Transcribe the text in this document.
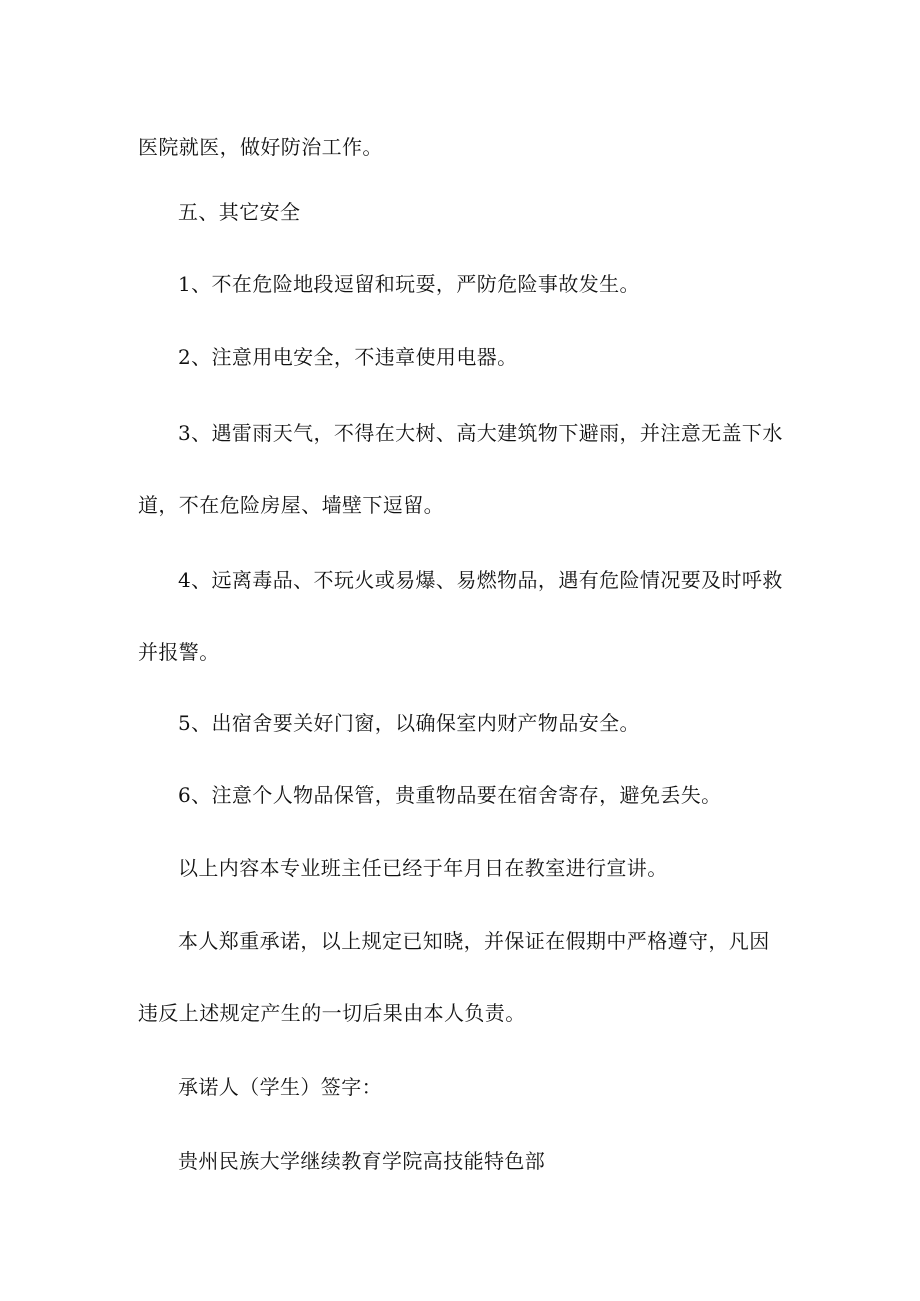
医院就医，做好防治工作。
五、其它安全
1、不在危险地段逗留和玩耍，严防危险事故发生。
2、注意用电安全，不违章使用电器。
3、遇雷雨天气，不得在大树、高大建筑物下避雨，并注意无盖下水
道，不在危险房屋、墙壁下逗留。
4、远离毒品、不玩火或易爆、易燃物品，遇有危险情况要及时呼救
并报警。
5、出宿舍要关好门窗，以确保室内财产物品安全。
6、注意个人物品保管，贵重物品要在宿舍寄存，避免丢失。
以上内容本专业班主任已经于年月日在教室进行宣讲。
本人郑重承诺，以上规定已知晓，并保证在假期中严格遵守，凡因
违反上述规定产生的一切后果由本人负责。
承诺人（学生）签字：
贵州民族大学继续教育学院高技能特色部
